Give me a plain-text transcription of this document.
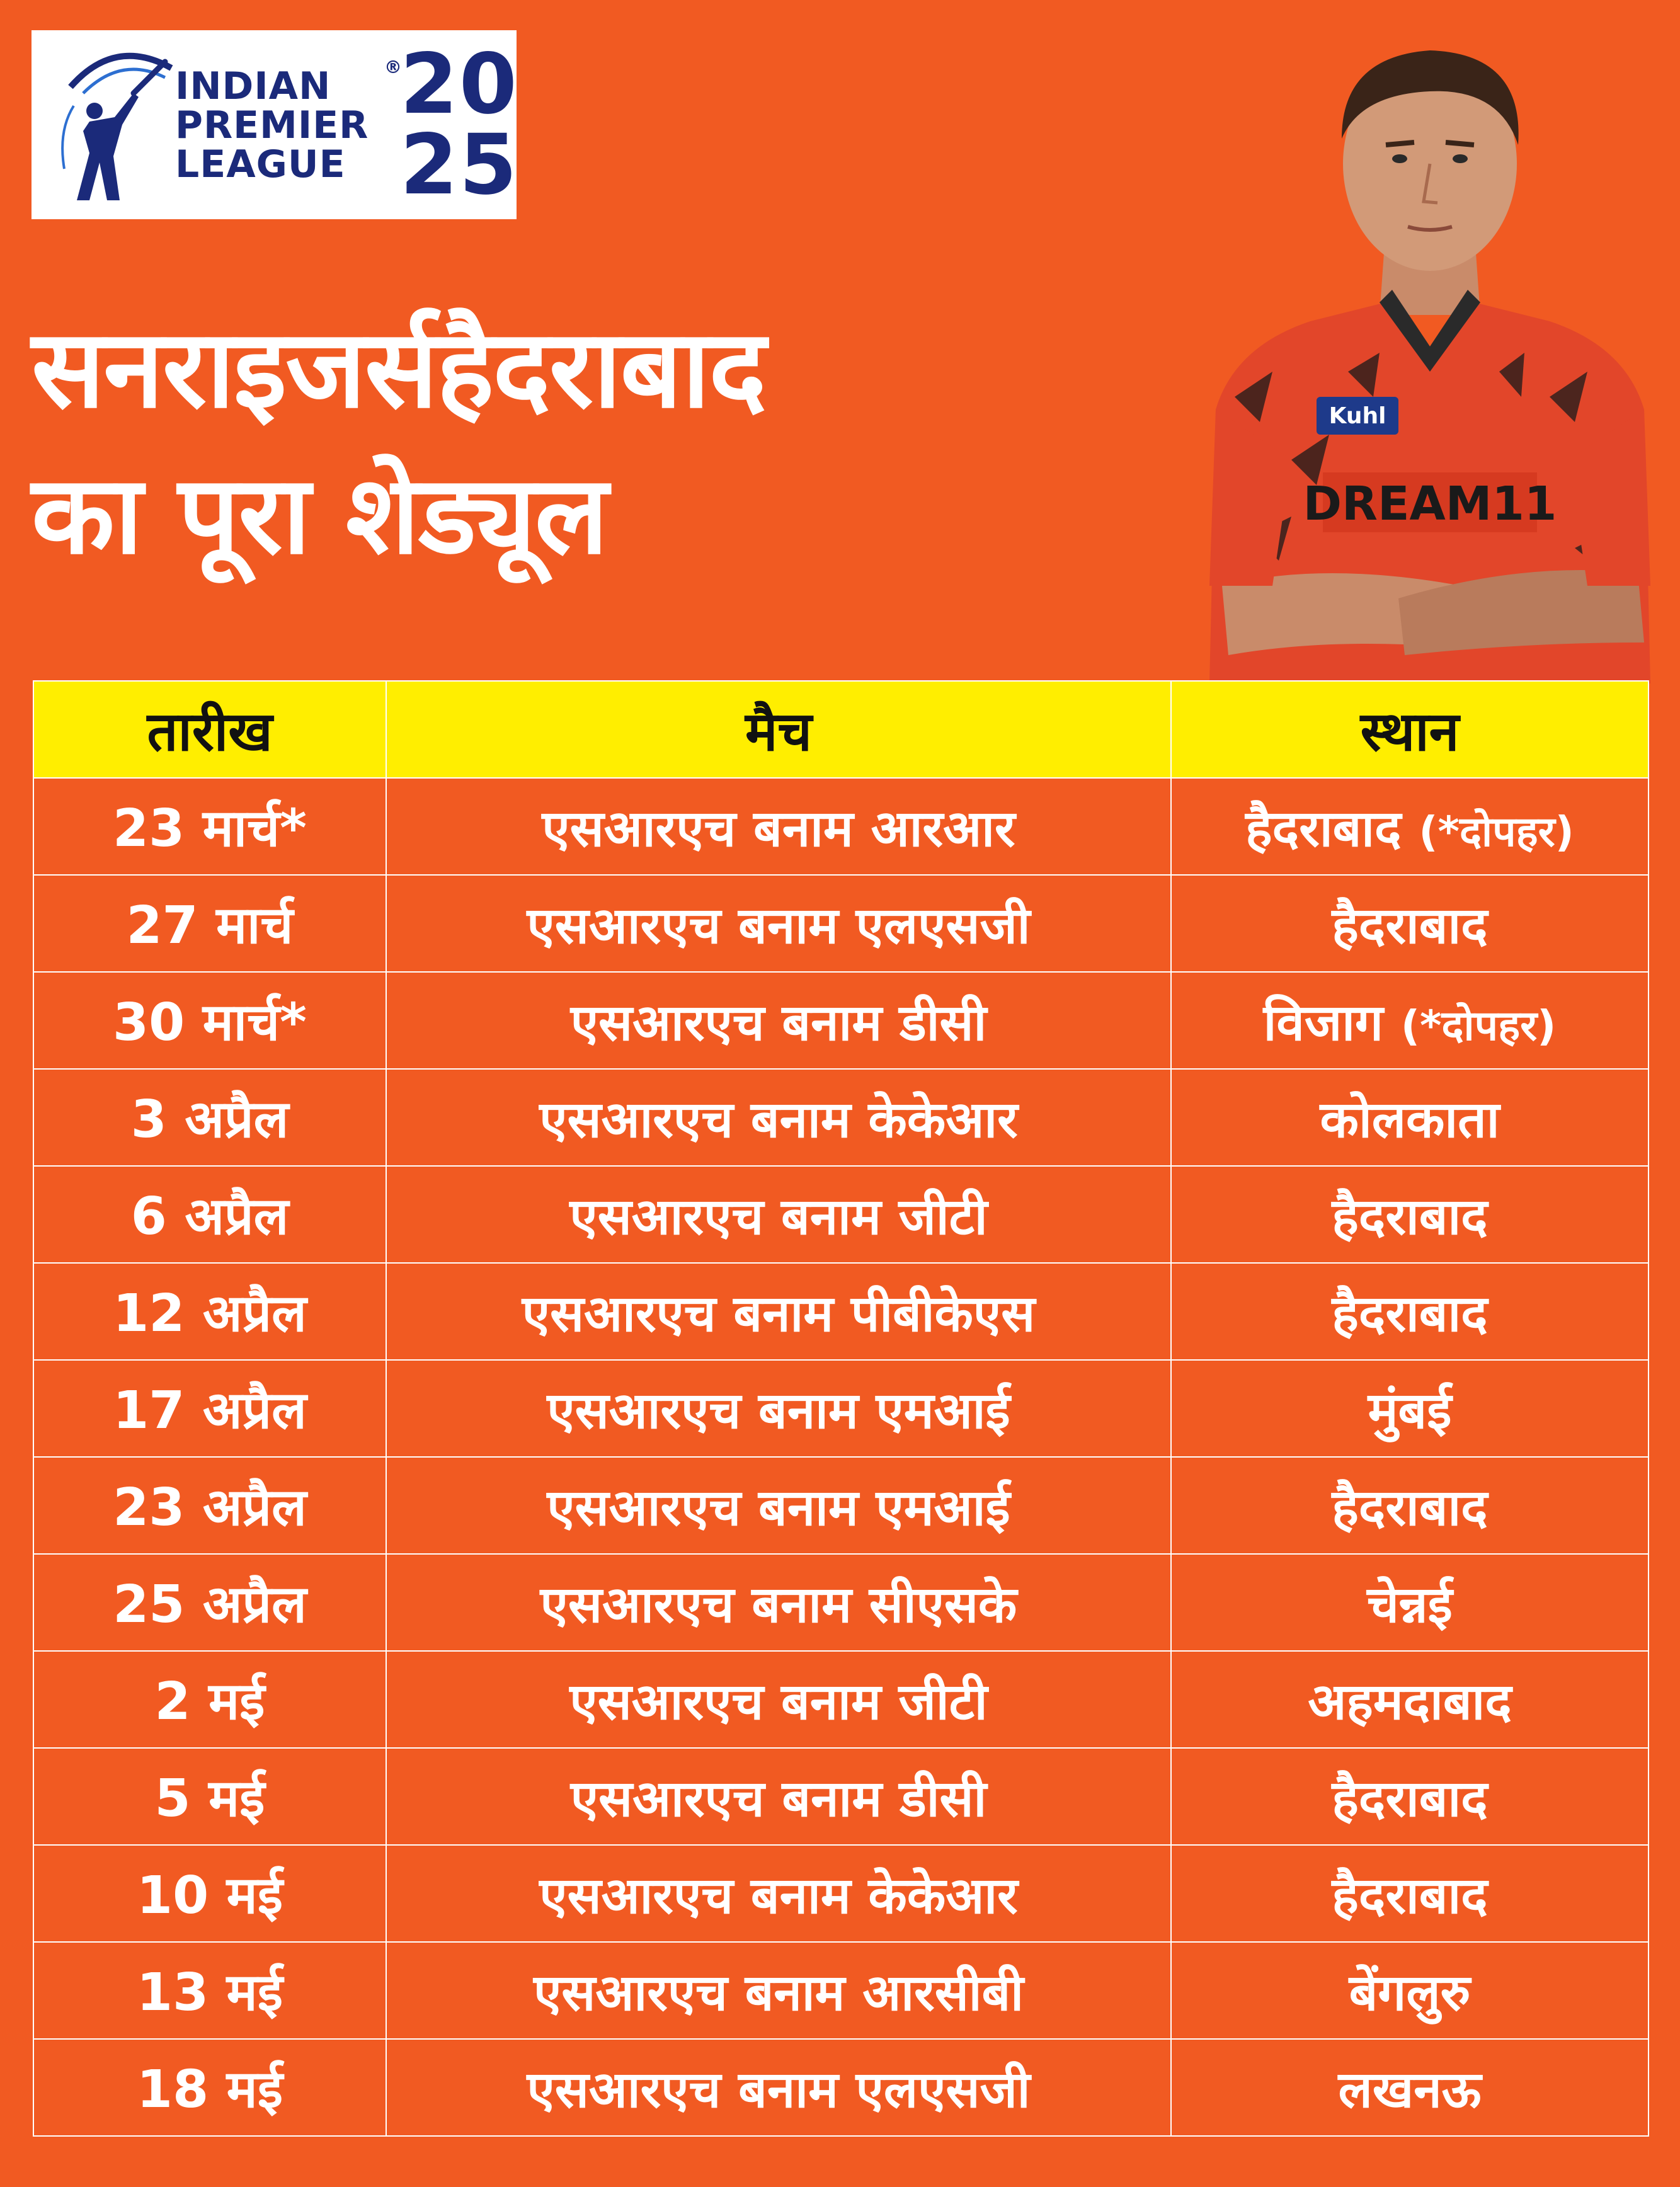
INDIAN
PREMIER
LEAGUE
®
20
25
सनराइजर्सहैदराबाद
का पूरा शेड्यूल
Kuhl
DREAM11
तारीख	मैच	स्थान
23 मार्च*	एसआरएच बनाम आरआर	हैदराबाद (*दोपहर)
27 मार्च	एसआरएच बनाम एलएसजी	हैदराबाद
30 मार्च*	एसआरएच बनाम डीसी	विजाग (*दोपहर)
3 अप्रैल	एसआरएच बनाम केकेआर	कोलकाता
6 अप्रैल	एसआरएच बनाम जीटी	हैदराबाद
12 अप्रैल	एसआरएच बनाम पीबीकेएस	हैदराबाद
17 अप्रैल	एसआरएच बनाम एमआई	मुंबई
23 अप्रैल	एसआरएच बनाम एमआई	हैदराबाद
25 अप्रैल	एसआरएच बनाम सीएसके	चेन्नई
2 मई	एसआरएच बनाम जीटी	अहमदाबाद
5 मई	एसआरएच बनाम डीसी	हैदराबाद
10 मई	एसआरएच बनाम केकेआर	हैदराबाद
13 मई	एसआरएच बनाम आरसीबी	बेंगलुरु
18 मई	एसआरएच बनाम एलएसजी	लखनऊ
